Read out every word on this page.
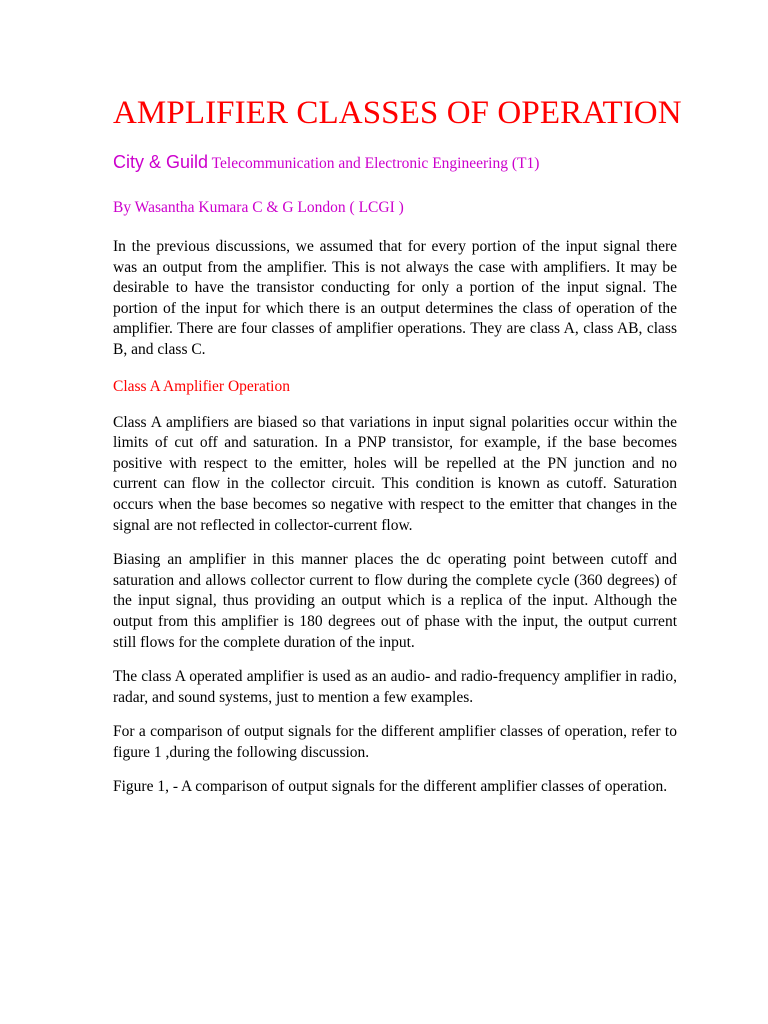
AMPLIFIER CLASSES OF OPERATION
City & Guild Telecommunication and Electronic Engineering (T1)
By Wasantha Kumara C & G London ( LCGI )

In the previous discussions, we assumed that for every portion of the input signal there was an output from the amplifier. This is not always the case with amplifiers. It may be desirable to have the transistor conducting for only a portion of the input signal. The portion of the input for which there is an output determines the class of operation of the amplifier. There are four classes of amplifier operations. They are class A, class AB, class B, and class C.

Class A Amplifier Operation

Class A amplifiers are biased so that variations in input signal polarities occur within the limits of cut off and saturation. In a PNP transistor, for example, if the base becomes positive with respect to the emitter, holes will be repelled at the PN junction and no current can flow in the collector circuit. This condition is known as cutoff. Saturation occurs when the base becomes so negative with respect to the emitter that changes in the signal are not reflected in collector-current flow.

Biasing an amplifier in this manner places the dc operating point between cutoff and saturation and allows collector current to flow during the complete cycle (360 degrees) of the input signal, thus providing an output which is a replica of the input. Although the output from this amplifier is 180 degrees out of phase with the input, the output current still flows for the complete duration of the input.

The class A operated amplifier is used as an audio- and radio-frequency amplifier in radio, radar, and sound systems, just to mention a few examples.

For a comparison of output signals for the different amplifier classes of operation, refer to figure 1 ,during the following discussion.

Figure 1, - A comparison of output signals for the different amplifier classes of operation.
